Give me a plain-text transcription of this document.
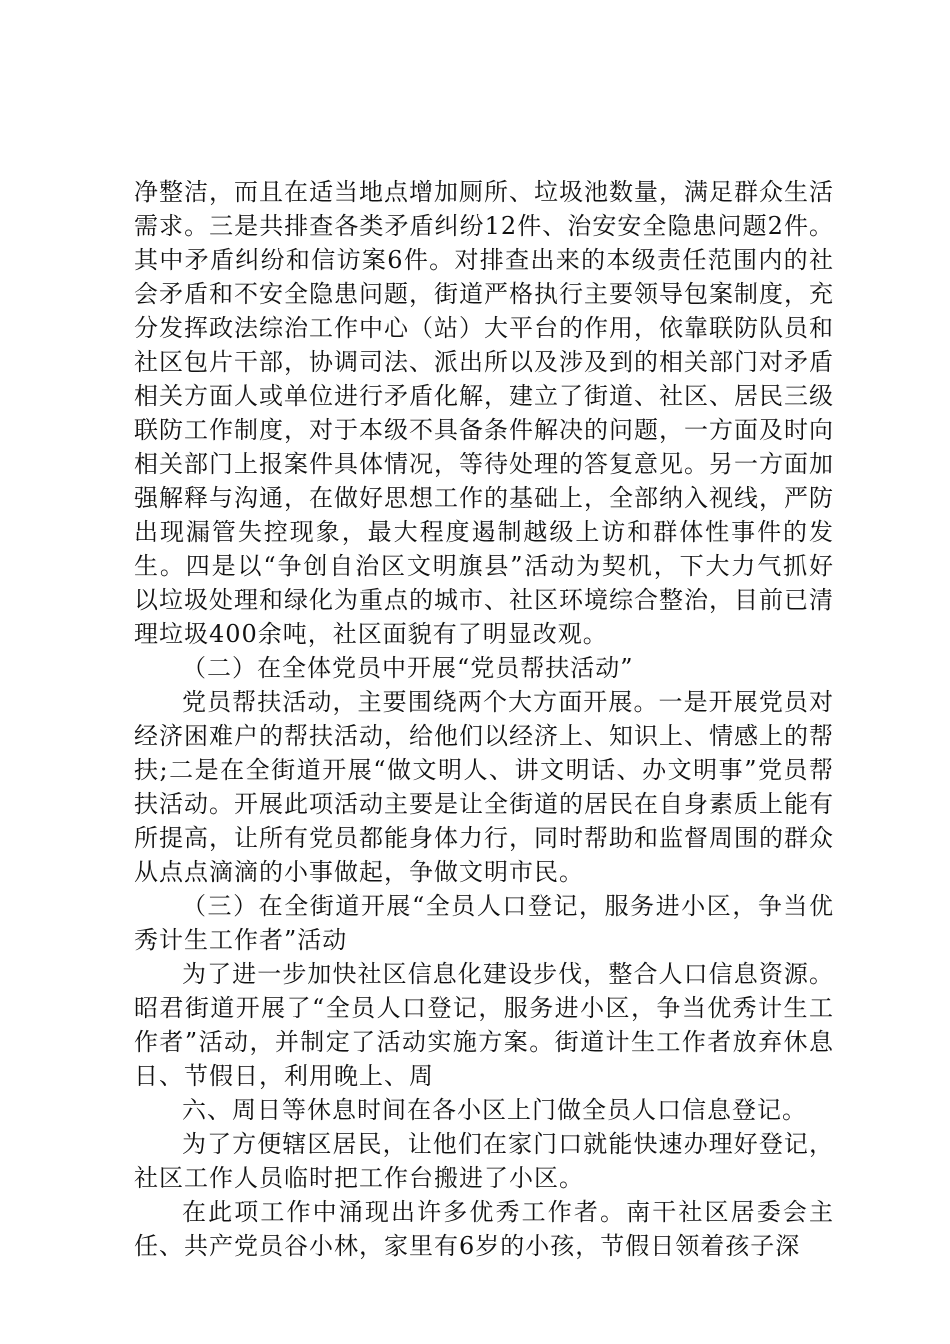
净整洁，而且在适当地点增加厕所、垃圾池数量，满足群众生活需求。三是共排查各类矛盾纠纷12件、治安安全隐患问题2件。其中矛盾纠纷和信访案6件。对排查出来的本级责任范围内的社会矛盾和不安全隐患问题，街道严格执行主要领导包案制度，充分发挥政法综治工作中心（站）大平台的作用，依靠联防队员和社区包片干部，协调司法、派出所以及涉及到的相关部门对矛盾相关方面人或单位进行矛盾化解，建立了街道、社区、居民三级联防工作制度，对于本级不具备条件解决的问题，一方面及时向相关部门上报案件具体情况，等待处理的答复意见。另一方面加强解释与沟通，在做好思想工作的基础上，全部纳入视线，严防出现漏管失控现象，最大程度遏制越级上访和群体性事件的发生。四是以“争创自治区文明旗县”活动为契机，下大力气抓好以垃圾处理和绿化为重点的城市、社区环境综合整治，目前已清理垃圾400余吨，社区面貌有了明显改观。

（二）在全体党员中开展“党员帮扶活动”

党员帮扶活动，主要围绕两个大方面开展。一是开展党员对经济困难户的帮扶活动，给他们以经济上、知识上、情感上的帮扶;二是在全街道开展“做文明人、讲文明话、办文明事”党员帮扶活动。开展此项活动主要是让全街道的居民在自身素质上能有所提高，让所有党员都能身体力行，同时帮助和监督周围的群众从点点滴滴的小事做起，争做文明市民。

（三）在全街道开展“全员人口登记，服务进小区，争当优秀计生工作者”活动

为了进一步加快社区信息化建设步伐，整合人口信息资源。昭君街道开展了“全员人口登记，服务进小区，争当优秀计生工作者”活动，并制定了活动实施方案。街道计生工作者放弃休息日、节假日，利用晚上、周

六、周日等休息时间在各小区上门做全员人口信息登记。

为了方便辖区居民，让他们在家门口就能快速办理好登记，社区工作人员临时把工作台搬进了小区。

在此项工作中涌现出许多优秀工作者。南干社区居委会主任、共产党员谷小林，家里有6岁的小孩，节假日领着孩子深
